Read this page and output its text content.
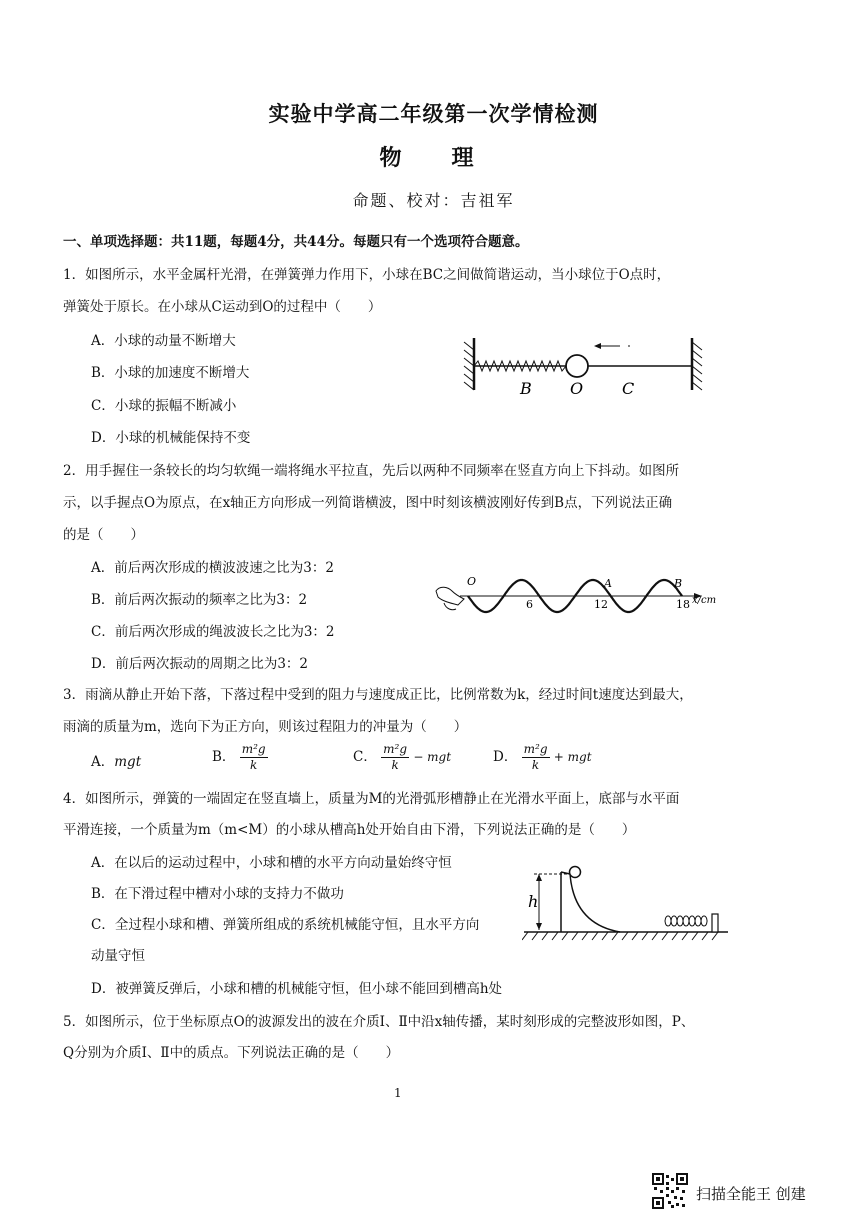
实验中学高二年级第一次学情检测
物　理
命题、校对：吉祖军
一、单项选择题：共11题，每题4分，共44分。每题只有一个选项符合题意。
1．如图所示，水平金属杆光滑，在弹簧弹力作用下，小球在BC之间做简谐运动，当小球位于O点时，
弹簧处于原长。在小球从C运动到O的过程中（　　）
A．小球的动量不断增大
B．小球的加速度不断增大
C．小球的振幅不断减小
D．小球的机械能保持不变
B O C
2．用手握住一条较长的均匀软绳一端将绳水平拉直，先后以两种不同频率在竖直方向上下抖动。如图所
示，以手握点O为原点，在x轴正方向形成一列简谐横波，图中时刻该横波刚好传到B点，下列说法正确
的是（　　）
A．前后两次形成的横波波速之比为3：2
B．前后两次振动的频率之比为3：2
C．前后两次形成的绳波波长之比为3：2
D．前后两次振动的周期之比为3：2
O
6	12
A
18
B
x/cm
3．雨滴从静止开始下落，下落过程中受到的阻力与速度成正比，比例常数为k，经过时间t速度达到最大，
雨滴的质量为m，选向下为正方向，则该过程阻力的冲量为（　　）
A．mgt	B． $\frac{\text{m²g}}{k}$	C． $\frac{\text{m²g}}{k}$ − mgt	D． $\frac{\text{m²g}}{k}$ + mgt
4．如图所示，弹簧的一端固定在竖直墙上，质量为M的光滑弧形槽静止在光滑水平面上，底部与水平面
平滑连接，一个质量为m（m<M）的小球从槽高h处开始自由下滑，下列说法正确的是（　　）
A．在以后的运动过程中，小球和槽的水平方向动量始终守恒
B．在下滑过程中槽对小球的支持力不做功
C．全过程小球和槽、弹簧所组成的系统机械能守恒，且水平方向
动量守恒
D．被弹簧反弹后，小球和槽的机械能守恒，但小球不能回到槽高h处
h
5．如图所示，位于坐标原点O的波源发出的波在介质Ⅰ、Ⅱ中沿x轴传播，某时刻形成的完整波形如图，P、
Q分别为介质Ⅰ、Ⅱ中的质点。下列说法正确的是（　　）
1
扫描全能王 创建
